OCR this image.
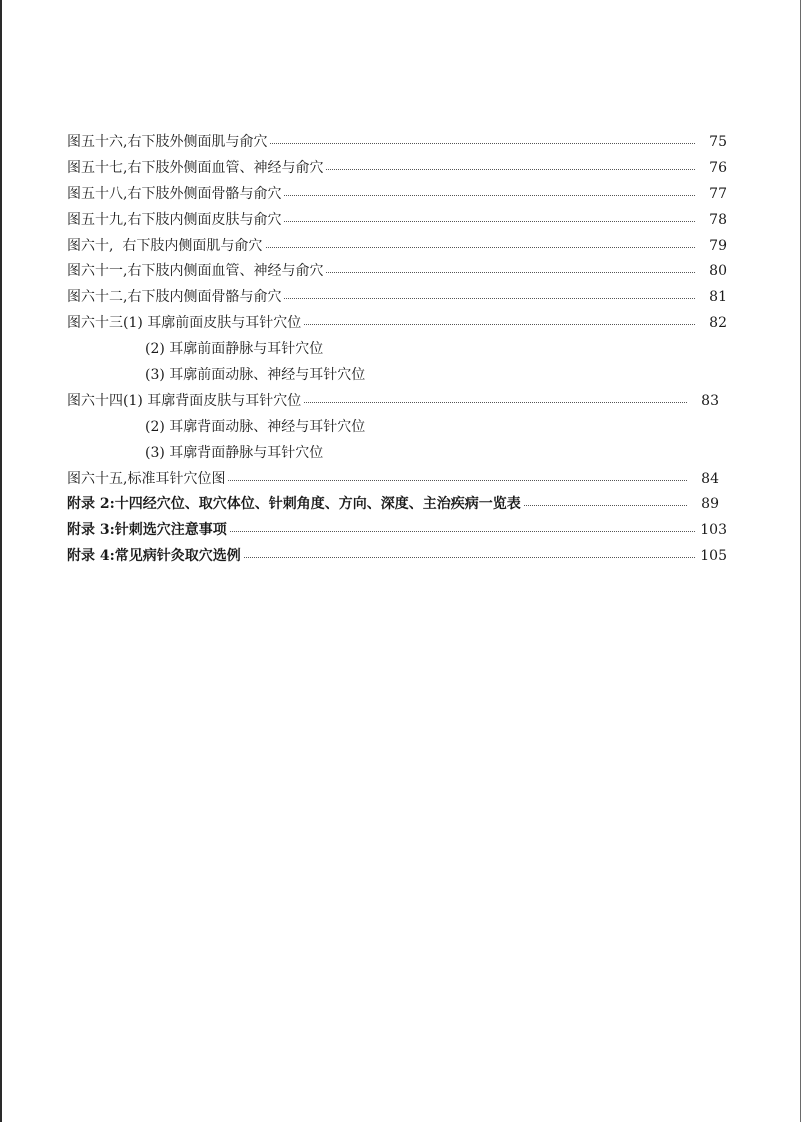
图五十六,右下肢外侧面肌与俞穴	75
图五十七,右下肢外侧面血管、神经与俞穴	76
图五十八,右下肢外侧面骨骼与俞穴	77
图五十九,右下肢内侧面皮肤与俞穴	78
图六十,  右下肢内侧面肌与俞穴	79
图六十一,右下肢内侧面血管、神经与俞穴	80
图六十二,右下肢内侧面骨骼与俞穴	81
图六十三(1) 耳廓前面皮肤与耳针穴位	82
(2) 耳廓前面静脉与耳针穴位
(3) 耳廓前面动脉、神经与耳针穴位
图六十四(1) 耳廓背面皮肤与耳针穴位	83
(2) 耳廓背面动脉、神经与耳针穴位
(3) 耳廓背面静脉与耳针穴位
图六十五,标准耳针穴位图	84
附录 2:十四经穴位、取穴体位、针刺角度、方向、深度、主治疾病一览表	89
附录 3:针刺选穴注意事项	103
附录 4:常见病针灸取穴选例	105
